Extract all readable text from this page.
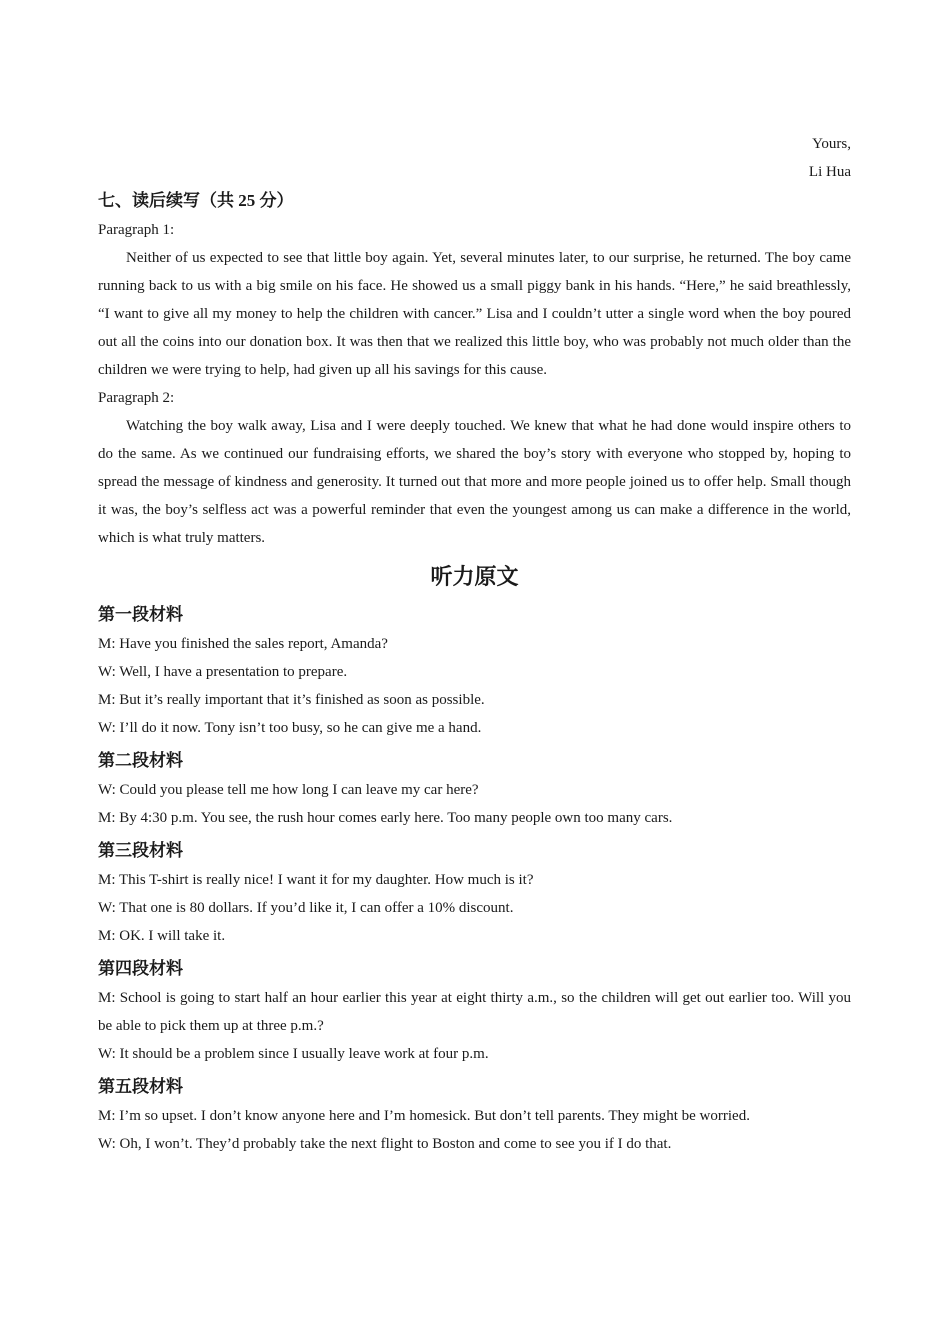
Yours,
Li Hua
七、读后续写（共 25 分）
Paragraph 1:

Neither of us expected to see that little boy again. Yet, several minutes later, to our surprise, he returned. The boy came running back to us with a big smile on his face. He showed us a small piggy bank in his hands. “Here,” he said breathlessly, “I want to give all my money to help the children with cancer.” Lisa and I couldn’t utter a single word when the boy poured out all the coins into our donation box. It was then that we realized this little boy, who was probably not much older than the children we were trying to help, had given up all his savings for this cause.

Paragraph 2:

Watching the boy walk away, Lisa and I were deeply touched. We knew that what he had done would inspire others to do the same. As we continued our fundraising efforts, we shared the boy’s story with everyone who stopped by, hoping to spread the message of kindness and generosity. It turned out that more and more people joined us to offer help. Small though it was, the boy’s selfless act was a powerful reminder that even the youngest among us can make a difference in the world, which is what truly matters.

听力原文
第一段材料
M: Have you finished the sales report, Amanda?
W: Well, I have a presentation to prepare.
M: But it’s really important that it’s finished as soon as possible.
W: I’ll do it now. Tony isn’t too busy, so he can give me a hand.
第二段材料
W: Could you please tell me how long I can leave my car here?
M: By 4:30 p.m. You see, the rush hour comes early here. Too many people own too many cars.
第三段材料
M: This T-shirt is really nice! I want it for my daughter. How much is it?
W: That one is 80 dollars. If you’d like it, I can offer a 10% discount.
M: OK. I will take it.
第四段材料
M: School is going to start half an hour earlier this year at eight thirty a.m., so the children will get out earlier too. Will you be able to pick them up at three p.m.?
W: It should be a problem since I usually leave work at four p.m.
第五段材料
M: I’m so upset. I don’t know anyone here and I’m homesick. But don’t tell parents. They might be worried.
W: Oh, I won’t. They’d probably take the next flight to Boston and come to see you if I do that.
